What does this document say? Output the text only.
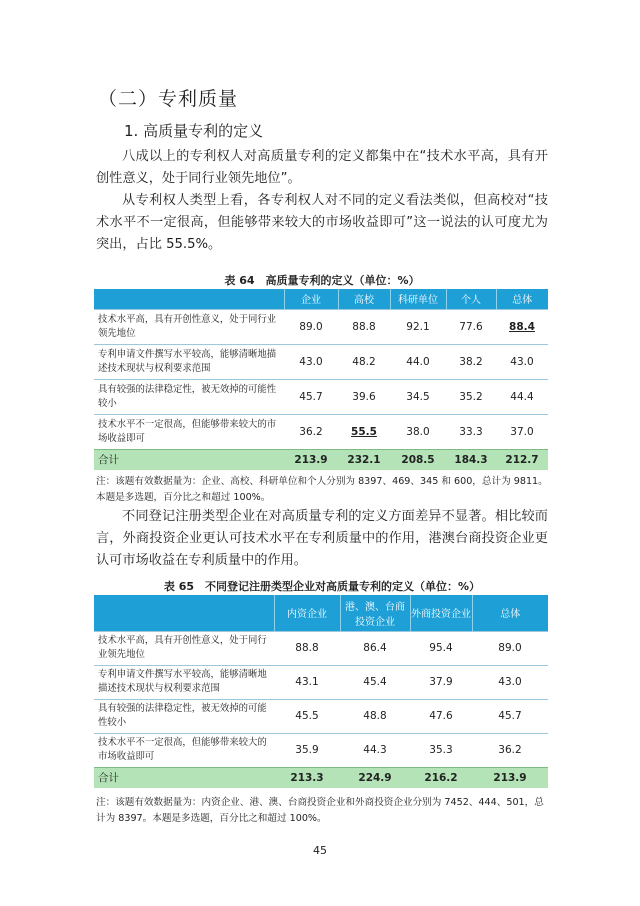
（二）专利质量
1. 高质量专利的定义

八成以上的专利权人对高质量专利的定义都集中在“技术水平高，具有开创性意义，处于同行业领先地位”。

从专利权人类型上看，各专利权人对不同的定义看法类似，但高校对“技术水平不一定很高，但能够带来较大的市场收益即可”这一说法的认可度尤为突出，占比 55.5%。

表 64　高质量专利的定义（单位：%）
	企业	高校	科研单位	个人	总体
技术水平高，具有开创性意义，处于同行业领先地位	89.0	88.8	92.1	77.6	88.4
专利申请文件撰写水平较高，能够清晰地描述技术现状与权利要求范围	43.0	48.2	44.0	38.2	43.0
具有较强的法律稳定性，被无效掉的可能性较小	45.7	39.6	34.5	35.2	44.4
技术水平不一定很高，但能够带来较大的市场收益即可	36.2	55.5	38.0	33.3	37.0
合计	213.9	232.1	208.5	184.3	212.7

注：该题有效数据量为：企业、高校、科研单位和个人分别为 8397、469、345 和 600，总计为 9811。本题是多选题，百分比之和超过 100%。

不同登记注册类型企业在对高质量专利的定义方面差异不显著。相比较而言，外商投资企业更认可技术水平在专利质量中的作用，港澳台商投资企业更认可市场收益在专利质量中的作用。

表 65　不同登记注册类型企业对高质量专利的定义（单位：%）
	内资企业	港、澳、台商投资企业	外商投资企业	总体
技术水平高，具有开创性意义，处于同行业领先地位	88.8	86.4	95.4	89.0
专利申请文件撰写水平较高，能够清晰地描述技术现状与权利要求范围	43.1	45.4	37.9	43.0
具有较强的法律稳定性，被无效掉的可能性较小	45.5	48.8	47.6	45.7
技术水平不一定很高，但能够带来较大的市场收益即可	35.9	44.3	35.3	36.2
合计	213.3	224.9	216.2	213.9

注：该题有效数据量为：内资企业、港、澳、台商投资企业和外商投资企业分别为 7452、444、501，总计为 8397。本题是多选题，百分比之和超过 100%。

45
